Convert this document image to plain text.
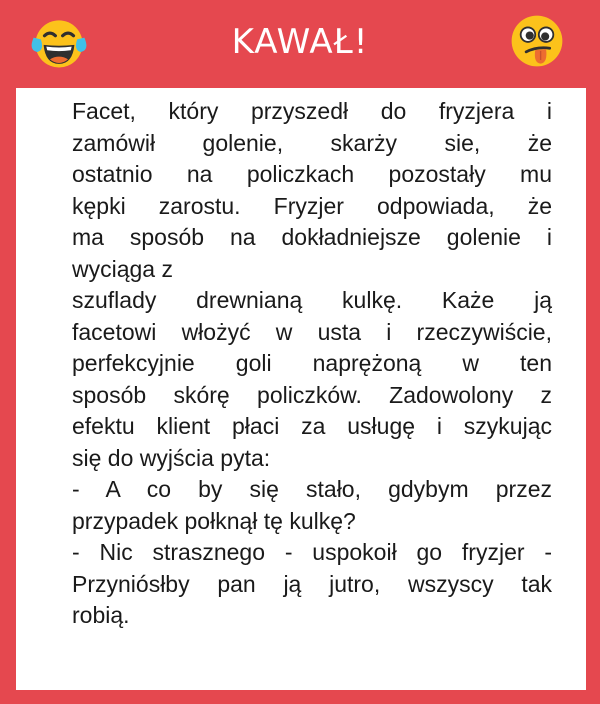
KAWAŁ!
Facet, który przyszedł do fryzjera i
zamówił golenie, skarży sie, że
ostatnio na policzkach pozostały mu
kępki zarostu. Fryzjer odpowiada, że
ma sposób na dokładniejsze golenie i
wyciąga z
szuflady drewnianą kulkę. Każe ją
facetowi włożyć w usta i rzeczywiście,
perfekcyjnie goli naprężoną w ten
sposób skórę policzków. Zadowolony z
efektu klient płaci za usługę i szykując
się do wyjścia pyta:
- A co by się stało, gdybym przez
przypadek połknął tę kulkę?
- Nic strasznego - uspokoił go fryzjer -
Przyniósłby pan ją jutro, wszyscy tak
robią.
